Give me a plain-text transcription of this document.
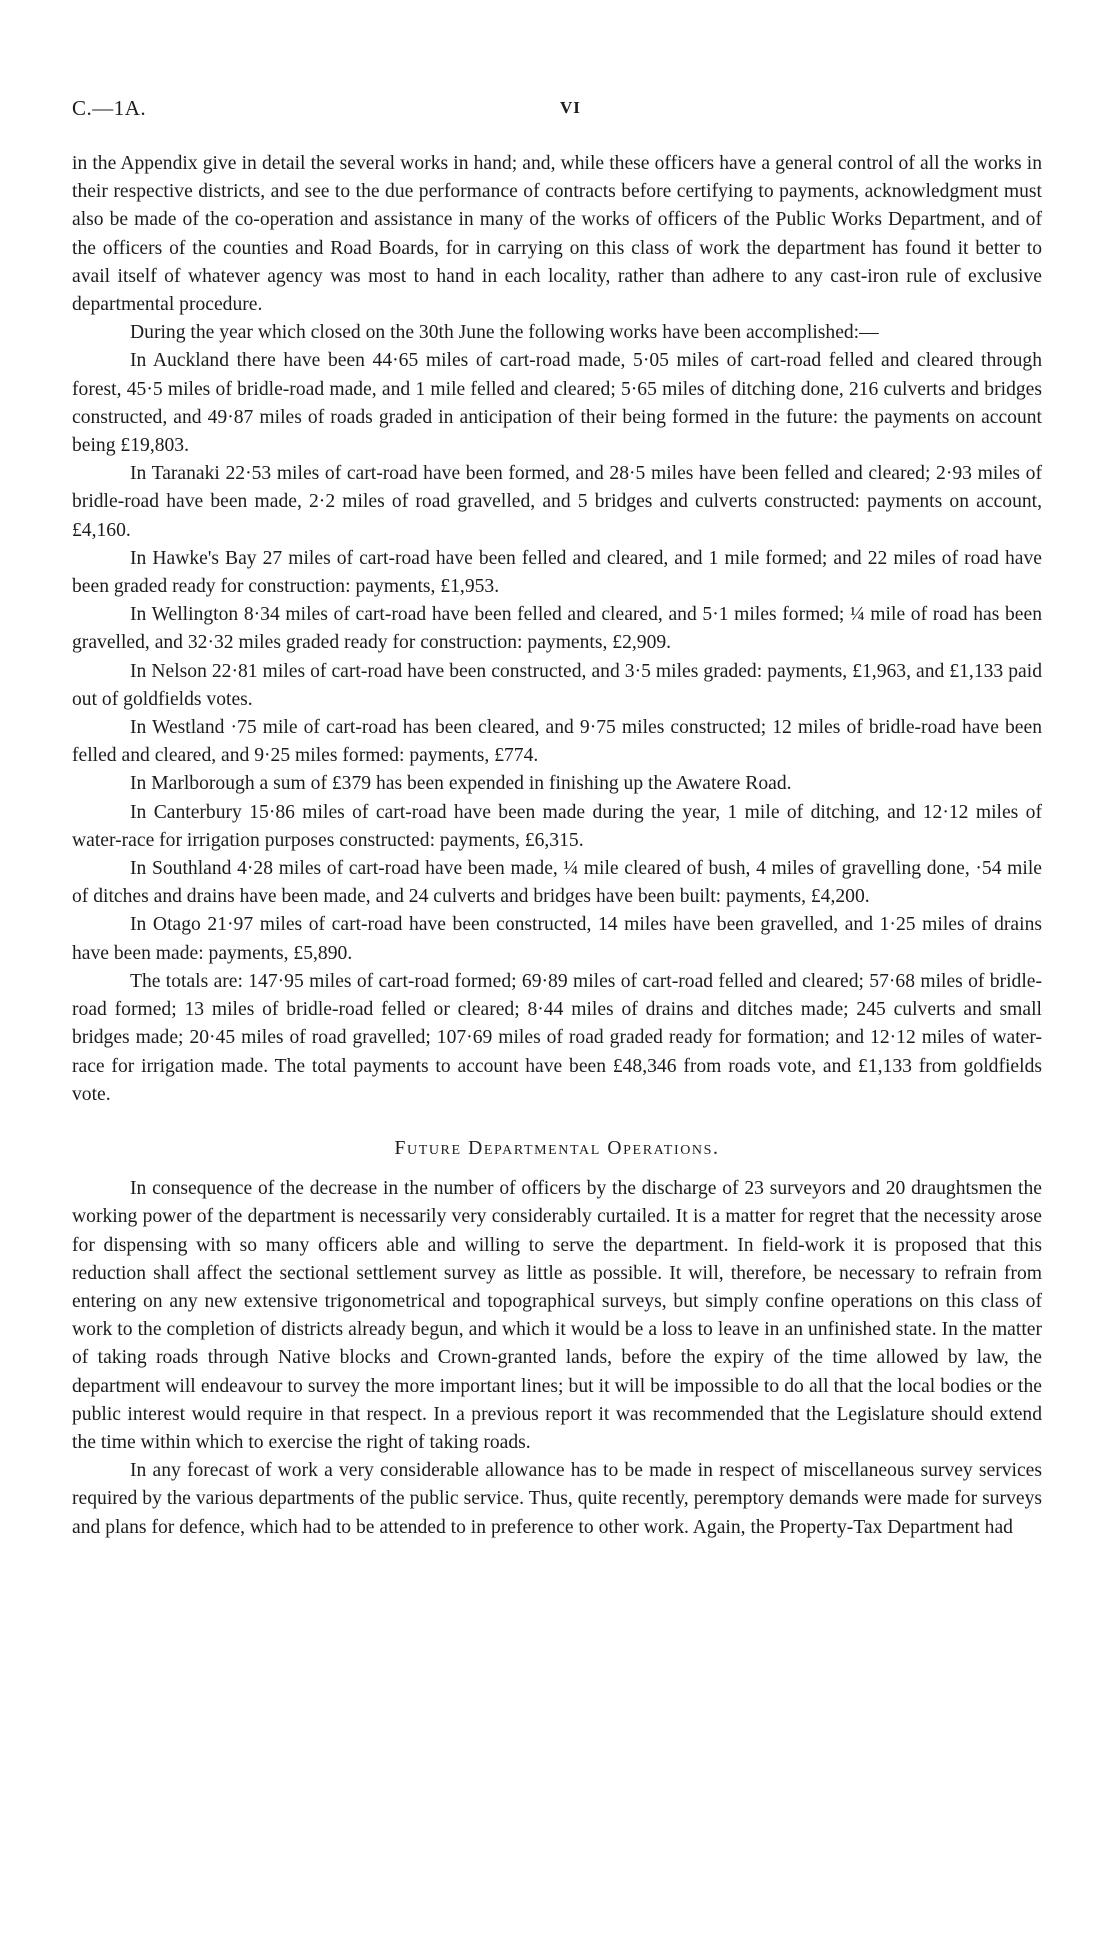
C.—1A.	VI

in the Appendix give in detail the several works in hand; and, while these officers have a general control of all the works in their respective districts, and see to the due performance of contracts before certifying to payments, acknowledgment must also be made of the co-operation and assistance in many of the works of officers of the Public Works Department, and of the officers of the counties and Road Boards, for in carrying on this class of work the department has found it better to avail itself of whatever agency was most to hand in each locality, rather than adhere to any cast-iron rule of exclusive departmental procedure.

During the year which closed on the 30th June the following works have been accomplished:—

In Auckland there have been 44·65 miles of cart-road made, 5·05 miles of cart-road felled and cleared through forest, 45·5 miles of bridle-road made, and 1 mile felled and cleared; 5·65 miles of ditching done, 216 culverts and bridges constructed, and 49·87 miles of roads graded in anticipation of their being formed in the future: the payments on account being £19,803.

In Taranaki 22·53 miles of cart-road have been formed, and 28·5 miles have been felled and cleared; 2·93 miles of bridle-road have been made, 2·2 miles of road gravelled, and 5 bridges and culverts constructed: payments on account, £4,160.

In Hawke's Bay 27 miles of cart-road have been felled and cleared, and 1 mile formed; and 22 miles of road have been graded ready for construction: payments, £1,953.

In Wellington 8·34 miles of cart-road have been felled and cleared, and 5·1 miles formed; ¼ mile of road has been gravelled, and 32·32 miles graded ready for construction: payments, £2,909.

In Nelson 22·81 miles of cart-road have been constructed, and 3·5 miles graded: payments, £1,963, and £1,133 paid out of goldfields votes.

In Westland ·75 mile of cart-road has been cleared, and 9·75 miles constructed; 12 miles of bridle-road have been felled and cleared, and 9·25 miles formed: payments, £774.

In Marlborough a sum of £379 has been expended in finishing up the Awatere Road.

In Canterbury 15·86 miles of cart-road have been made during the year, 1 mile of ditching, and 12·12 miles of water-race for irrigation purposes constructed: payments, £6,315.

In Southland 4·28 miles of cart-road have been made, ¼ mile cleared of bush, 4 miles of gravelling done, ·54 mile of ditches and drains have been made, and 24 culverts and bridges have been built: payments, £4,200.

In Otago 21·97 miles of cart-road have been constructed, 14 miles have been gravelled, and 1·25 miles of drains have been made: payments, £5,890.

The totals are: 147·95 miles of cart-road formed; 69·89 miles of cart-road felled and cleared; 57·68 miles of bridle-road formed; 13 miles of bridle-road felled or cleared; 8·44 miles of drains and ditches made; 245 culverts and small bridges made; 20·45 miles of road gravelled; 107·69 miles of road graded ready for formation; and 12·12 miles of water-race for irrigation made. The total payments to account have been £48,346 from roads vote, and £1,133 from goldfields vote.

Future Departmental Operations.

In consequence of the decrease in the number of officers by the discharge of 23 surveyors and 20 draughtsmen the working power of the department is necessarily very considerably curtailed. It is a matter for regret that the necessity arose for dispensing with so many officers able and willing to serve the department. In field-work it is proposed that this reduction shall affect the sectional settlement survey as little as possible. It will, therefore, be necessary to refrain from entering on any new extensive trigonometrical and topographical surveys, but simply confine operations on this class of work to the completion of districts already begun, and which it would be a loss to leave in an unfinished state. In the matter of taking roads through Native blocks and Crown-granted lands, before the expiry of the time allowed by law, the department will endeavour to survey the more important lines; but it will be impossible to do all that the local bodies or the public interest would require in that respect. In a previous report it was recommended that the Legislature should extend the time within which to exercise the right of taking roads.

In any forecast of work a very considerable allowance has to be made in respect of miscellaneous survey services required by the various departments of the public service. Thus, quite recently, peremptory demands were made for surveys and plans for defence, which had to be attended to in preference to other work. Again, the Property-Tax Department had
